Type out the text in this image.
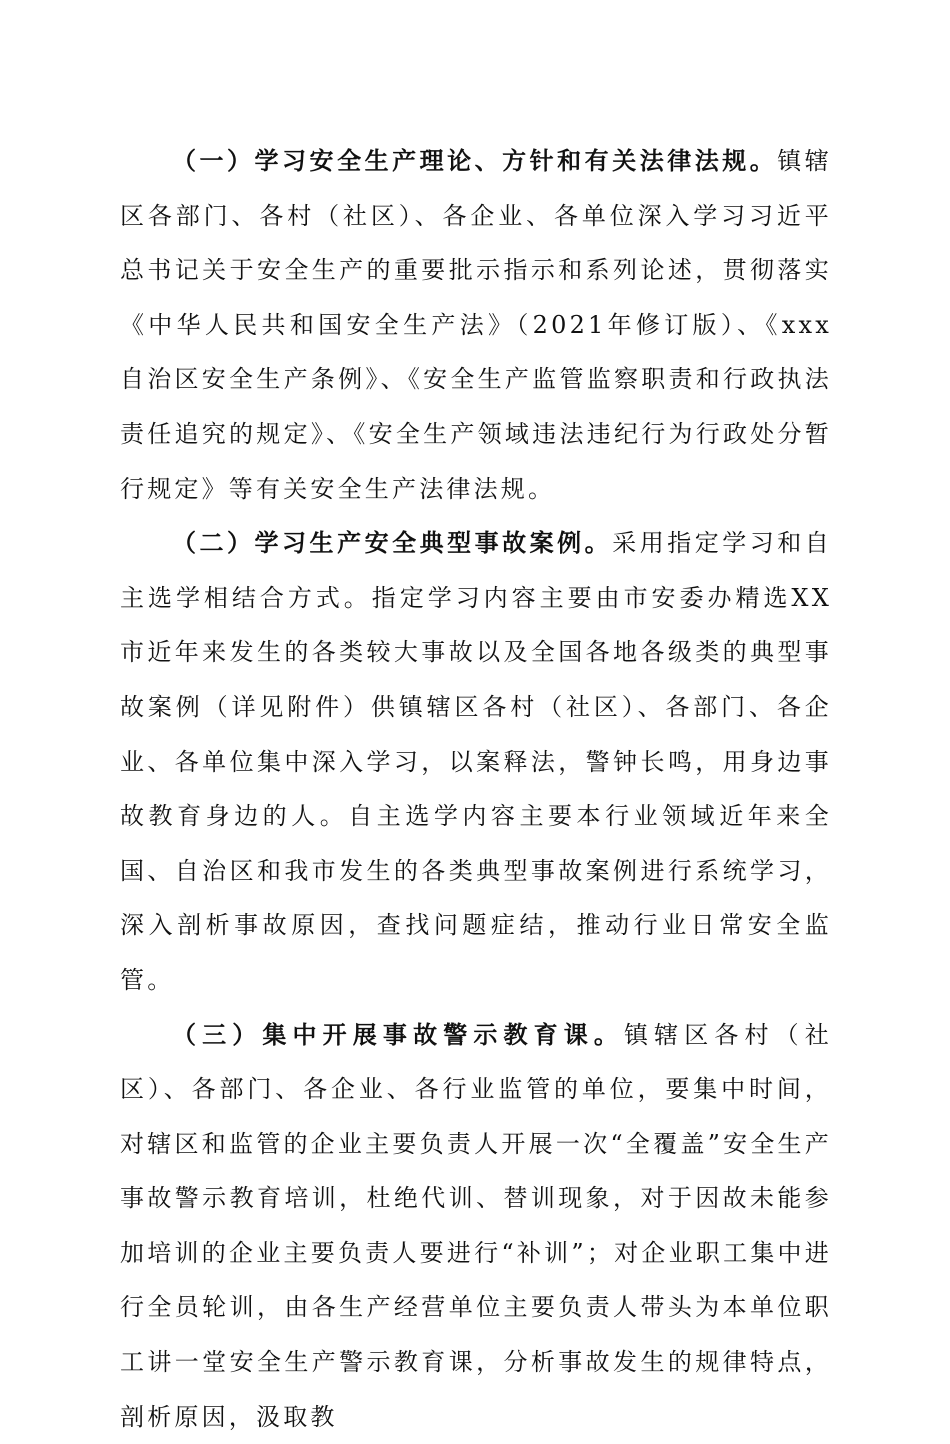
（一）学习安全生产理论、方针和有关法律法规。镇辖区各部门、各村（社区）、各企业、各单位深入学习习近平总书记关于安全生产的重要批示指示和系列论述，贯彻落实《中华人民共和国安全生产法》（2021年修订版）、《xxx自治区安全生产条例》、《安全生产监管监察职责和行政执法责任追究的规定》、《安全生产领域违法违纪行为行政处分暂行规定》等有关安全生产法律法规。

（二）学习生产安全典型事故案例。采用指定学习和自主选学相结合方式。指定学习内容主要由市安委办精选XX市近年来发生的各类较大事故以及全国各地各级类的典型事故案例（详见附件）供镇辖区各村（社区）、各部门、各企业、各单位集中深入学习，以案释法，警钟长鸣，用身边事故教育身边的人。自主选学内容主要本行业领域近年来全国、自治区和我市发生的各类典型事故案例进行系统学习，深入剖析事故原因，查找问题症结，推动行业日常安全监管。

（三）集中开展事故警示教育课。镇辖区各村（社区）、各部门、各企业、各行业监管的单位，要集中时间，对辖区和监管的企业主要负责人开展一次“全覆盖”安全生产事故警示教育培训，杜绝代训、替训现象，对于因故未能参加培训的企业主要负责人要进行“补训”；对企业职工集中进行全员轮训，由各生产经营单位主要负责人带头为本单位职工讲一堂安全生产警示教育课，分析事故发生的规律特点，剖析原因，汲取教
